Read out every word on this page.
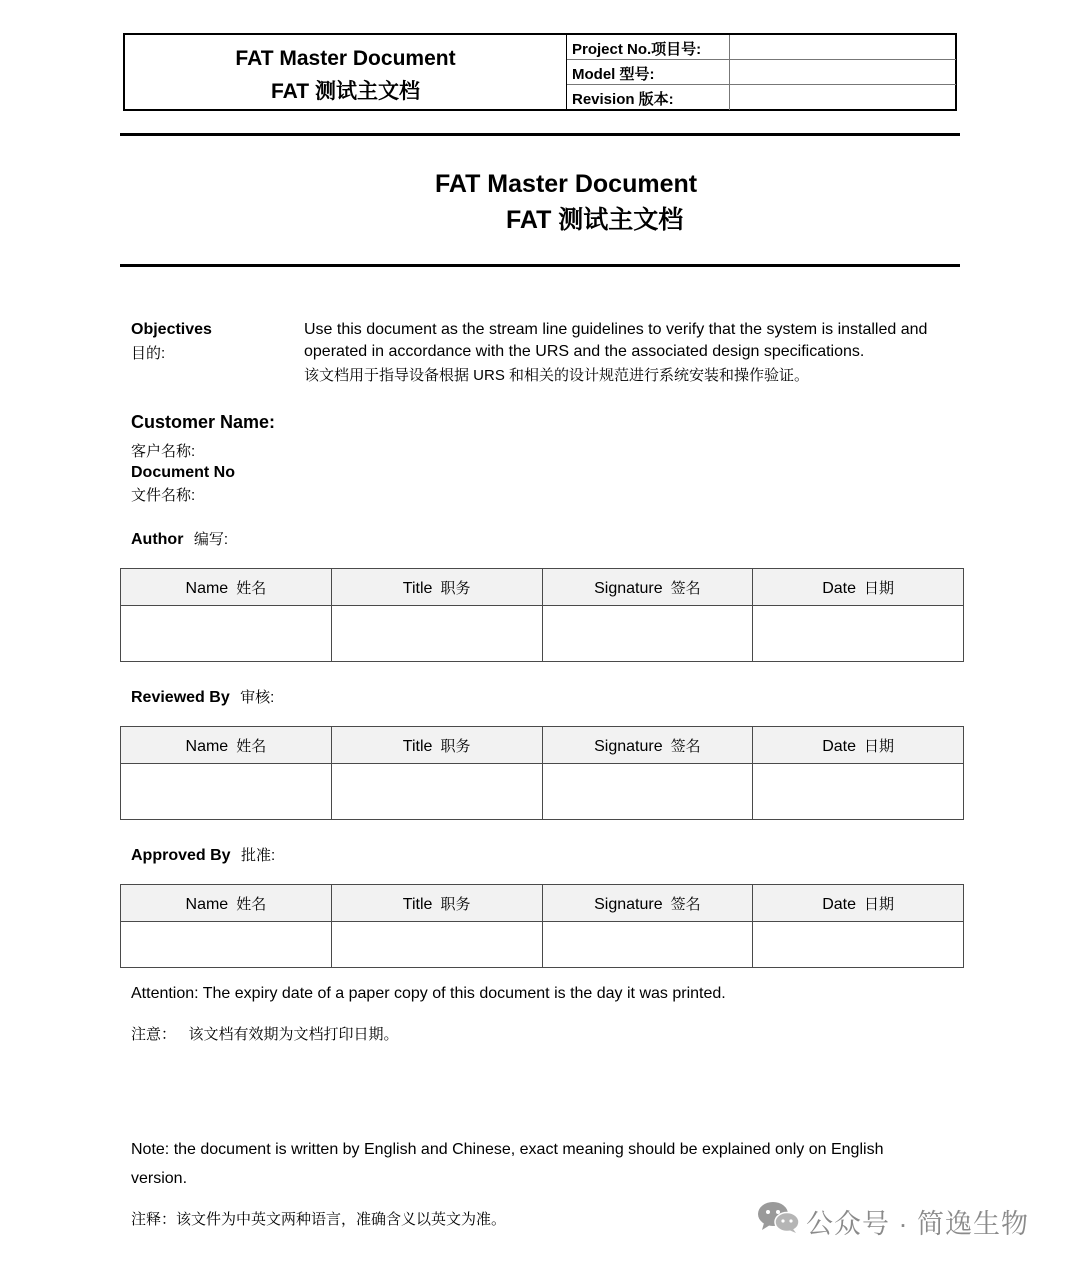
FAT Master Document
FAT 测试主文档
Project No.项目号:
Model 型号:
Revision 版本:
FAT Master Document
FAT 测试主文档
Objectives
目的:
Use this document as the stream line guidelines to verify that the system is installed and
operated in accordance with the URS and the associated design specifications.
该文档用于指导设备根据 URS 和相关的设计规范进行系统安装和操作验证。
Customer Name:
客户名称:
Document No
文件名称:
Author 编写:
Name 姓名	Title 职务	Signature 签名	Date 日期

Reviewed By 审核:
Name 姓名	Title 职务	Signature 签名	Date 日期

Approved By 批准:
Name 姓名	Title 职务	Signature 签名	Date 日期

Attention: The expiry date of a paper copy of this document is the day it was printed.
注意：   该文档有效期为文档打印日期。
Note: the document is written by English and Chinese, exact meaning should be explained only on English
version.
注释：该文件为中英文两种语言，准确含义以英文为准。	公众号 · 简逸生物
